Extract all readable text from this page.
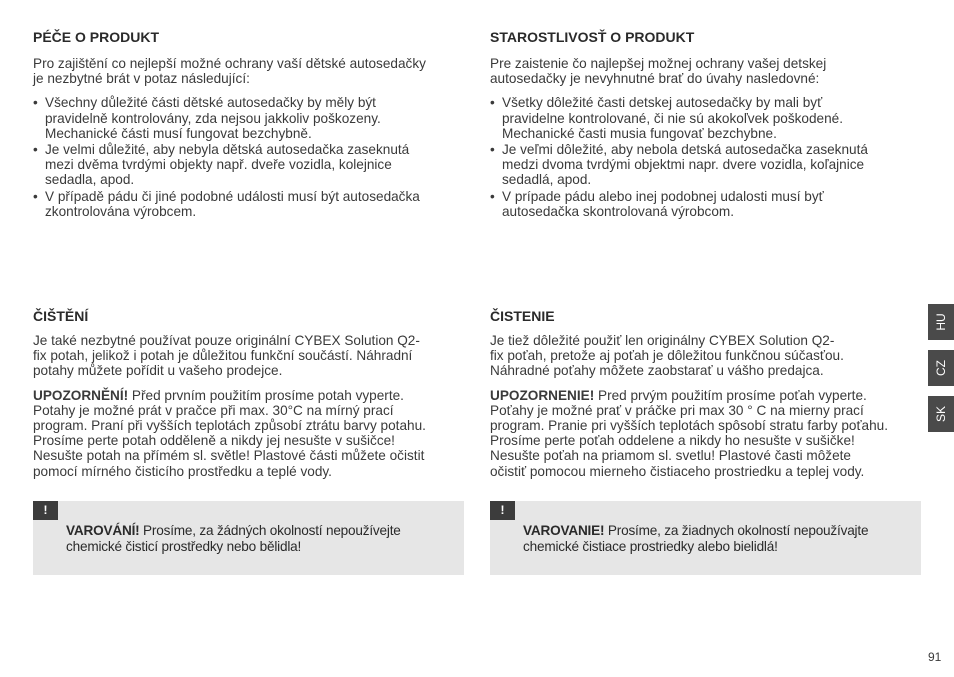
PÉČE O PRODUKT

Pro zajištění co nejlepší možné ochrany vaší dětské autosedačky
je nezbytné brát v potaz následující:

• Všechny důležité části dětské autosedačky by měly být
pravidelně kontrolovány, zda nejsou jakkoliv poškozeny.
Mechanické části musí fungovat bezchybně.
• Je velmi důležité, aby nebyla dětská autosedačka zaseknutá
mezi dvěma tvrdými objekty např. dveře vozidla, kolejnice
sedadla, apod.
• V případě pádu či jiné podobné události musí být autosedačka
zkontrolována výrobcem.
STAROSTLIVOSŤ O PRODUKT

Pre zaistenie čo najlepšej možnej ochrany vašej detskej
autosedačky je nevyhnutné brať do úvahy nasledovné:

• Všetky dôležité časti detskej autosedačky by mali byť
pravidelne kontrolované, či nie sú akokoľvek poškodené.
Mechanické časti musia fungovať bezchybne.
• Je veľmi dôležité, aby nebola detská autosedačka zaseknutá
medzi dvoma tvrdými objektmi napr. dvere vozidla, koľajnice
sedadlá, apod.
• V prípade pádu alebo inej podobnej udalosti musí byť
autosedačka skontrolovaná výrobcom.
ČIŠTĚNÍ

Je také nezbytné používat pouze originální CYBEX Solution Q2-
fix potah, jelikož i potah je důležitou funkční součástí. Náhradní
potahy můžete pořídit u vašeho prodejce.

UPOZORNĚNÍ! Před prvním použitím prosíme potah vyperte.
Potahy je možné prát v pračce při max. 30°C na mírný prací
program. Praní při vyšších teplotách způsobí ztrátu barvy potahu.
Prosíme perte potah odděleně a nikdy jej nesušte v sušičce!
Nesušte potah na přímém sl. světle! Plastové části můžete očistit
pomocí mírného čisticího prostředku a teplé vody.

ČISTENIE

Je tiež dôležité použiť len originálny CYBEX Solution Q2-
fix poťah, pretože aj poťah je dôležitou funkčnou súčasťou.
Náhradné poťahy môžete zaobstarať u vášho predajca.

UPOZORNENIE! Pred prvým použitím prosíme poťah vyperte.
Poťahy je možné prať v práčke pri max 30 ° C na mierny prací
program. Pranie pri vyšších teplotách spôsobí stratu farby poťahu.
Prosíme perte poťah oddelene a nikdy ho nesušte v sušičke!
Nesušte poťah na priamom sl. svetlu! Plastové časti môžete
očistiť pomocou mierneho čistiaceho prostriedku a teplej vody.

!
VAROVÁNÍ! Prosíme, za žádných okolností nepoužívejte
chemické čisticí prostředky nebo bělidla!
!
VAROVANIE! Prosíme, za žiadnych okolností nepoužívajte
chemické čistiace prostriedky alebo bielidlá!
HU
CZ
SK
91
